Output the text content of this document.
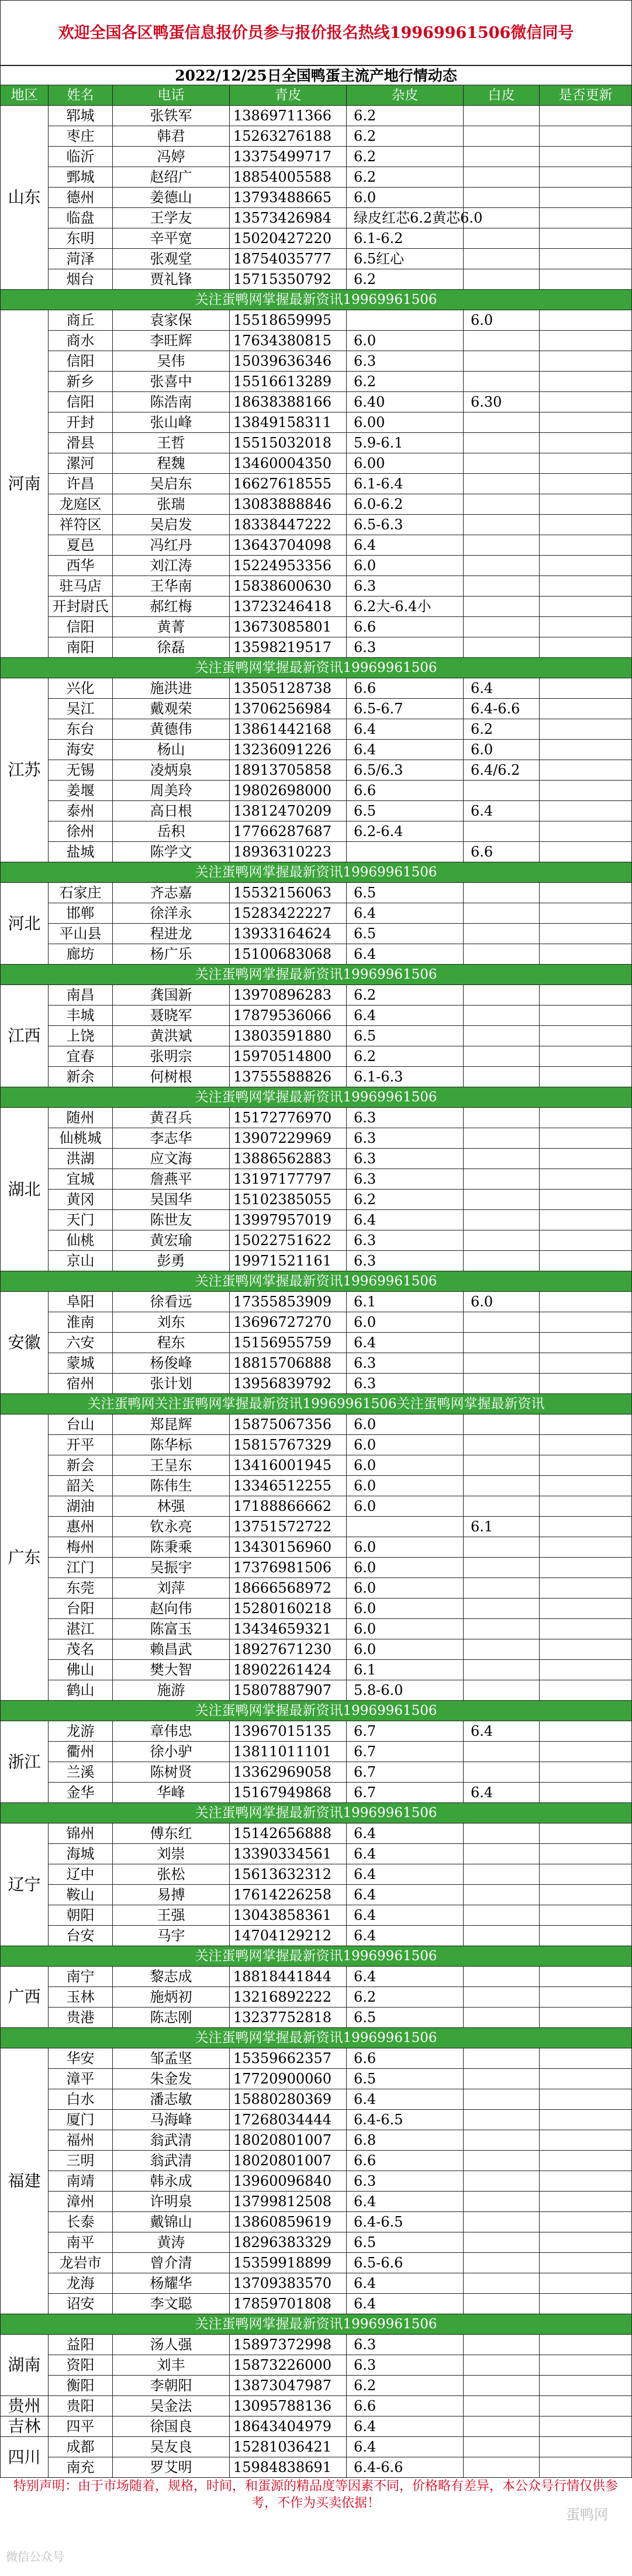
欢迎全国各区鸭蛋信息报价员参与报价报名热线19969961506微信同号							
2022/12/25日全国鸭蛋主流产地行情动态							
地区	姓名	电话	青皮	杂皮	白皮	是否更新	
山东	郓城	张铁军	13869711366	6.2			
	枣庄	韩君	15263276188	6.2			
	临沂	冯婷	13375499717	6.2			
	鄄城	赵绍广	18854005588	6.2			
	德州	姜德山	13793488665	6.0			
	临盘	王学友	13573426984	绿皮红芯6.2黄芯6.0			
	东明	辛平宽	15020427220	6.1-6.2			
	菏泽	张观堂	18754035777	6.5红心			
	烟台	贾礼锋	15715350792	6.2			
关注蛋鸭网掌握最新资讯19969961506							
河南	商丘	袁家保	15518659995		6.0		
	商水	李旺辉	17634380815	6.0			
	信阳	吴伟	15039636346	6.3			
	新乡	张喜中	15516613289	6.2			
	信阳	陈浩南	18638388166	6.40	6.30		
	开封	张山峰	13849158311	6.00			
	滑县	王哲	15515032018	5.9-6.1			
	漯河	程魏	13460004350	6.00			
	许昌	吴启东	16627618555	6.1-6.4			
	龙庭区	张瑞	13083888846	6.0-6.2			
	祥符区	吴启发	18338447222	6.5-6.3			
	夏邑	冯红丹	13643704098	6.4			
	西华	刘江涛	15224953356	6.0			
	驻马店	王华南	15838600630	6.3			
	开封尉氏	郝红梅	13723246418	6.2大-6.4小			
	信阳	黄菁	13673085801	6.6			
	南阳	徐磊	13598219517	6.3			
关注蛋鸭网掌握最新资讯19969961506							
江苏	兴化	施洪进	13505128738	6.6	6.4		
	吴江	戴观荣	13706256984	6.5-6.7	6.4-6.6		
	东台	黄德伟	13861442168	6.4	6.2		
	海安	杨山	13236091226	6.4	6.0		
	无锡	凌炳泉	18913705858	6.5/6.3	6.4/6.2		
	姜堰	周美玲	19802698000	6.6			
	泰州	高日根	13812470209	6.5	6.4		
	徐州	岳积	17766287687	6.2-6.4			
	盐城	陈学文	18936310223		6.6		
关注蛋鸭网掌握最新资讯19969961506							
河北	石家庄	齐志嘉	15532156063	6.5			
	邯郸	徐洋永	15283422227	6.4			
	平山县	程进龙	13933164624	6.5			
	廊坊	杨广乐	15100683068	6.4			
关注蛋鸭网掌握最新资讯19969961506							
江西	南昌	龚国新	13970896283	6.2			
	丰城	聂晓军	17879536066	6.4			
	上饶	黄洪斌	13803591880	6.5			
	宜春	张明宗	15970514800	6.2			
	新余	何树根	13755588826	6.1-6.3			
关注蛋鸭网掌握最新资讯19969961506							
湖北	随州	黄召兵	15172776970	6.3			
	仙桃城	李志华	13907229969	6.3			
	洪湖	应文海	13886562883	6.3			
	宜城	詹燕平	13197177797	6.3			
	黄冈	吴国华	15102385055	6.2			
	天门	陈世友	13997957019	6.4			
	仙桃	黄宏瑜	15022751622	6.3			
	京山	彭勇	19971521161	6.3			
关注蛋鸭网掌握最新资讯19969961506							
安徽	阜阳	徐看远	17355853909	6.1	6.0		
	淮南	刘东	13696727270	6.0			
	六安	程东	15156955759	6.4			
	蒙城	杨俊峰	18815706888	6.3			
	宿州	张计划	13956839792	6.3			
关注蛋鸭网关注蛋鸭网掌握最新资讯19969961506关注蛋鸭网掌握最新资讯							
广东	台山	郑昆辉	15875067356	6.0			
	开平	陈华标	15815767329	6.0			
	新会	王呈东	13416001945	6.0			
	韶关	陈伟生	13346512255	6.0			
	湖油	林强	17188866662	6.0			
	惠州	钦永亮	13751572722		6.1		
	梅州	陈秉乘	13430156960	6.0			
	江门	吴振宇	17376981506	6.0			
	东莞	刘萍	18666568972	6.0			
	台阳	赵向伟	15280160218	6.0			
	湛江	陈富玉	13434659321	6.0			
	茂名	赖昌武	18927671230	6.0			
	佛山	樊大智	18902261424	6.1			
	鹤山	施游	15807887907	5.8-6.0			
关注蛋鸭网掌握最新资讯19969961506							
浙江	龙游	章伟忠	13967015135	6.7	6.4		
	衢州	徐小驴	13811011101	6.7			
	兰溪	陈树贤	13362969058	6.7			
	金华	华峰	15167949868	6.7	6.4		
关注蛋鸭网掌握最新资讯19969961506							
辽宁	锦州	傅东红	15142656888	6.4			
	海城	刘崇	13390334561	6.4			
	辽中	张松	15613632312	6.4			
	鞍山	易搏	17614226258	6.4			
	朝阳	王强	13043858361	6.4			
	台安	马宇	14704129212	6.4			
关注蛋鸭网掌握最新资讯19969961506							
广西	南宁	黎志成	18818441844	6.4			
	玉林	施炳初	13216892222	6.2			
	贵港	陈志刚	13237752818	6.5			
关注蛋鸭网掌握最新资讯19969961506							
福建	华安	邹孟坚	15359662357	6.6			
	漳平	朱金发	17720900060	6.5			
	白水	潘志敏	15880280369	6.4			
	厦门	马海峰	17268034444	6.4-6.5			
	福州	翁武清	18020801007	6.8			
	三明	翁武清	18020801007	6.6			
	南靖	韩永成	13960096840	6.3			
	漳州	许明泉	13799812508	6.4			
	长泰	戴锦山	13860859619	6.4-6.5			
	南平	黄涛	18296383329	6.5			
	龙岩市	曾介清	15359918899	6.5-6.6			
	龙海	杨耀华	13709383570	6.4			
	诏安	李文聪	17859701808	6.4			
关注蛋鸭网掌握最新资讯19969961506							
湖南	益阳	汤人强	15897372998	6.3			
	资阳	刘丰	15873226000	6.3			
	衡阳	李朝阳	13873047987	6.2			
贵州	贵阳	吴金法	13095788136	6.6			
吉林	四平	徐国良	18643404979	6.4			
四川	成都	吴友良	15281036421	6.4			
	南充	罗艾明	15984838691	6.4-6.6			
特别声明：由于市场随着，规格，时间，和蛋源的精品度等因素不同，价格略有差异，本公众号行情仅供参考，不作为买卖依据！
蛋鸭网
微信公众号
